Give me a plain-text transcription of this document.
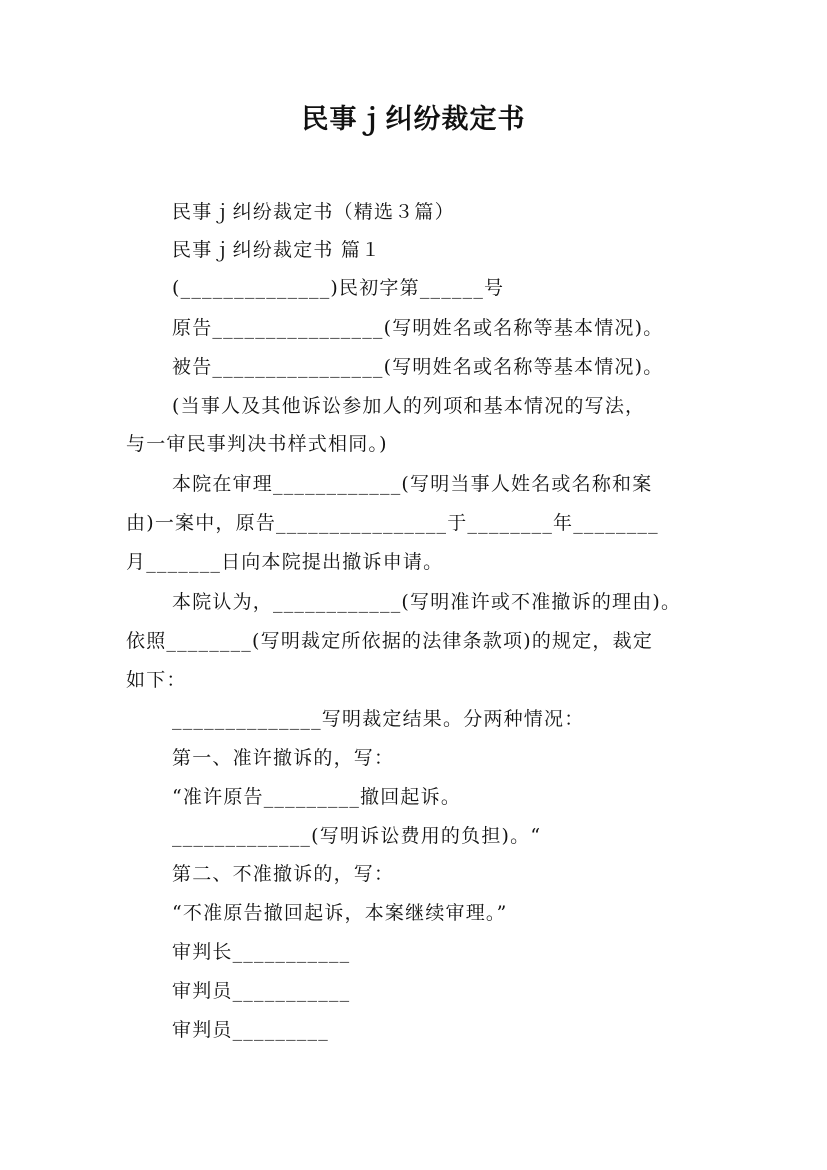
民事ｊ纠纷裁定书
民事ｊ纠纷裁定书（精选３篇）
民事ｊ纠纷裁定书 篇１
(______________)民初字第______号
原告________________(写明姓名或名称等基本情况)。
被告________________(写明姓名或名称等基本情况)。
(当事人及其他诉讼参加人的列项和基本情况的写法，
与一审民事判决书样式相同。)
本院在审理____________(写明当事人姓名或名称和案
由)一案中，原告________________于________年________
月_______日向本院提出撤诉申请。
本院认为，____________(写明准许或不准撤诉的理由)。
依照________(写明裁定所依据的法律条款项)的规定，裁定
如下：
______________写明裁定结果。分两种情况：
第一、准许撤诉的，写：
“准许原告_________撤回起诉。
_____________(写明诉讼费用的负担)。“
第二、不准撤诉的，写：
“不准原告撤回起诉，本案继续审理。”
审判长___________
审判员___________
审判员_________
